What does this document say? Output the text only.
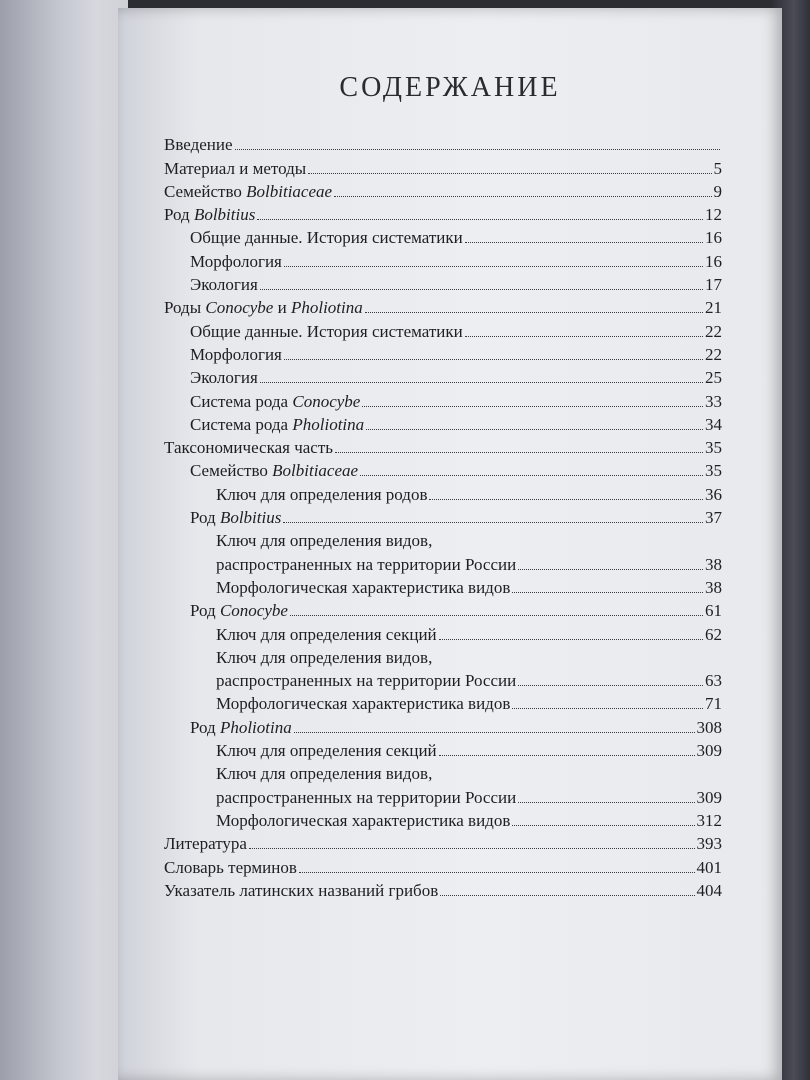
СОДЕРЖАНИЕ
Введение
Материал и методы	5
Семейство Bolbitiaceae	9
Род Bolbitius	12
Общие данные. История систематики	16
Морфология	16
Экология	17
Роды Conocybe и Pholiotina	21
Общие данные. История систематики	22
Морфология	22
Экология	25
Система рода Conocybe	33
Система рода Pholiotina	34
Таксономическая часть	35
Семейство Bolbitiaceae	35
Ключ для определения родов	36
Род Bolbitius	37
Ключ для определения видов,
распространенных на территории России	38
Морфологическая характеристика видов	38
Род Conocybe	61
Ключ для определения секций	62
Ключ для определения видов,
распространенных на территории России	63
Морфологическая характеристика видов	71
Род Pholiotina	308
Ключ для определения секций	309
Ключ для определения видов,
распространенных на территории России	309
Морфологическая характеристика видов	312
Литература	393
Словарь терминов	401
Указатель латинских названий грибов	404
